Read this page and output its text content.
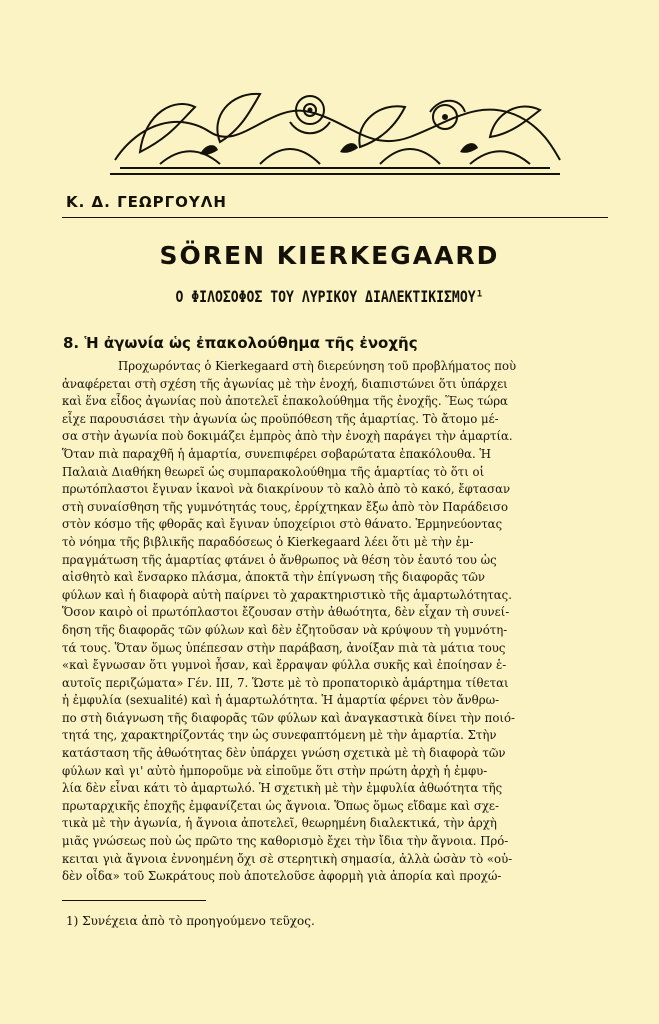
Κ. Δ. ΓΕΩΡΓΟΥΛΗ
SÖREN KIERKEGAARD
Ο ΦΙΛΟΣΟΦΟΣ ΤΟΥ ΛΥΡΙΚΟΥ ΔΙΑΛΕΚΤΙΚΙΣΜΟΥ¹
8. Ἡ ἀγωνία ὡς ἐπακολούθημα τῆς ἐνοχῆς
Προχωρόντας ὁ Kierkegaard στὴ διερεύνηση τοῦ προβλήματος ποὺ
ἀναφέρεται στὴ σχέση τῆς ἀγωνίας μὲ τὴν ἐνοχή, διαπιστώνει ὅτι ὑπάρχει
καὶ ἕνα εἶδος ἀγωνίας ποὺ ἀποτελεῖ ἐπακολούθημα τῆς ἐνοχῆς. Ἕως τώρα
εἶχε παρουσιάσει τὴν ἀγωνία ὡς προϋπόθεση τῆς ἁμαρτίας. Τὸ ἄτομο μέ-
σα στὴν ἀγωνία ποὺ δοκιμάζει ἐμπρὸς ἀπὸ τὴν ἐνοχὴ παράγει τὴν ἁμαρτία.
Ὅταν πιὰ παραχθῆ ἡ ἁμαρτία, συνεπιφέρει σοβαρώτατα ἐπακόλουθα. Ἡ
Παλαιὰ Διαθήκη θεωρεῖ ὡς συμπαρακολούθημα τῆς ἁμαρτίας τὸ ὅτι οἱ
πρωτόπλαστοι ἔγιναν ἱκανοὶ νὰ διακρίνουν τὸ καλὸ ἀπὸ τὸ κακό, ἔφτασαν
στὴ συναίσθηση τῆς γυμνότητάς τους, ἐρρίχτηκαν ἔξω ἀπὸ τὸν Παράδεισο
στὸν κόσμο τῆς φθορᾶς καὶ ἔγιναν ὑποχείριοι στὸ θάνατο. Ἑρμηνεύοντας
τὸ νόημα τῆς βιβλικῆς παραδόσεως ὁ Kierkegaard λέει ὅτι μὲ τὴν ἐμ-
πραγμάτωση τῆς ἁμαρτίας φτάνει ὁ ἄνθρωπος νὰ θέση τὸν ἑαυτό του ὡς
αἰσθητὸ καὶ ἔνσαρκο πλάσμα, ἀποκτᾶ τὴν ἐπίγνωση τῆς διαφορᾶς τῶν
φύλων καὶ ἡ διαφορὰ αὐτὴ παίρνει τὸ χαρακτηριστικὸ τῆς ἁμαρτωλότητας.
Ὅσον καιρὸ οἱ πρωτόπλαστοι ἔζουσαν στὴν ἀθωότητα, δὲν εἶχαν τὴ συνεί-
δηση τῆς διαφορᾶς τῶν φύλων καὶ δὲν ἐζητοῦσαν νὰ κρύψουν τὴ γυμνότη-
τά τους. Ὅταν ὅμως ὑπέπεσαν στὴν παράβαση, ἀνοίξαν πιὰ τὰ μάτια τους
«καὶ ἔγνωσαν ὅτι γυμνοὶ ἦσαν, καὶ ἔρραψαν φύλλα συκῆς καὶ ἐποίησαν ἑ-
αυτοῖς περιζώματα» Γέν. ΙΙΙ, 7. Ὥστε μὲ τὸ προπατορικὸ ἁμάρτημα τίθεται
ἡ ἐμφυλία (sexualité) καὶ ἡ ἁμαρτωλότητα. Ἡ ἁμαρτία φέρνει τὸν ἄνθρω-
πο στὴ διάγνωση τῆς διαφορᾶς τῶν φύλων καὶ ἀναγκαστικὰ δίνει τὴν ποιό-
τητά της, χαρακτηρίζοντάς την ὡς συνεφαπτόμενη μὲ τὴν ἁμαρτία. Στὴν
κατάσταση τῆς ἀθωότητας δὲν ὑπάρχει γνώση σχετικὰ μὲ τὴ διαφορὰ τῶν
φύλων καὶ γι' αὐτὸ ἠμποροῦμε νὰ εἰποῦμε ὅτι στὴν πρώτη ἀρχὴ ἡ ἐμφυ-
λία δὲν εἶναι κάτι τὸ ἁμαρτωλό. Ἡ σχετικὴ μὲ τὴν ἐμφυλία ἀθωότητα τῆς
πρωταρχικῆς ἐποχῆς ἐμφανίζεται ὡς ἄγνοια. Ὅπως ὅμως εἴδαμε καὶ σχε-
τικὰ μὲ τὴν ἀγωνία, ἡ ἄγνοια ἀποτελεῖ, θεωρημένη διαλεκτικά, τὴν ἀρχὴ
μιᾶς γνώσεως ποὺ ὡς πρῶτο της καθορισμὸ ἔχει τὴν ἴδια τὴν ἄγνοια. Πρό-
κειται γιὰ ἄγνοια ἐννοημένη ὄχι σὲ στερητικὴ σημασία, ἀλλὰ ὡσὰν τὸ «οὐ-
δὲν οἶδα» τοῦ Σωκράτους ποὺ ἀποτελοῦσε ἀφορμὴ γιὰ ἀπορία καὶ προχώ-
1) Συνέχεια ἀπὸ τὸ προηγούμενο τεῦχος.
